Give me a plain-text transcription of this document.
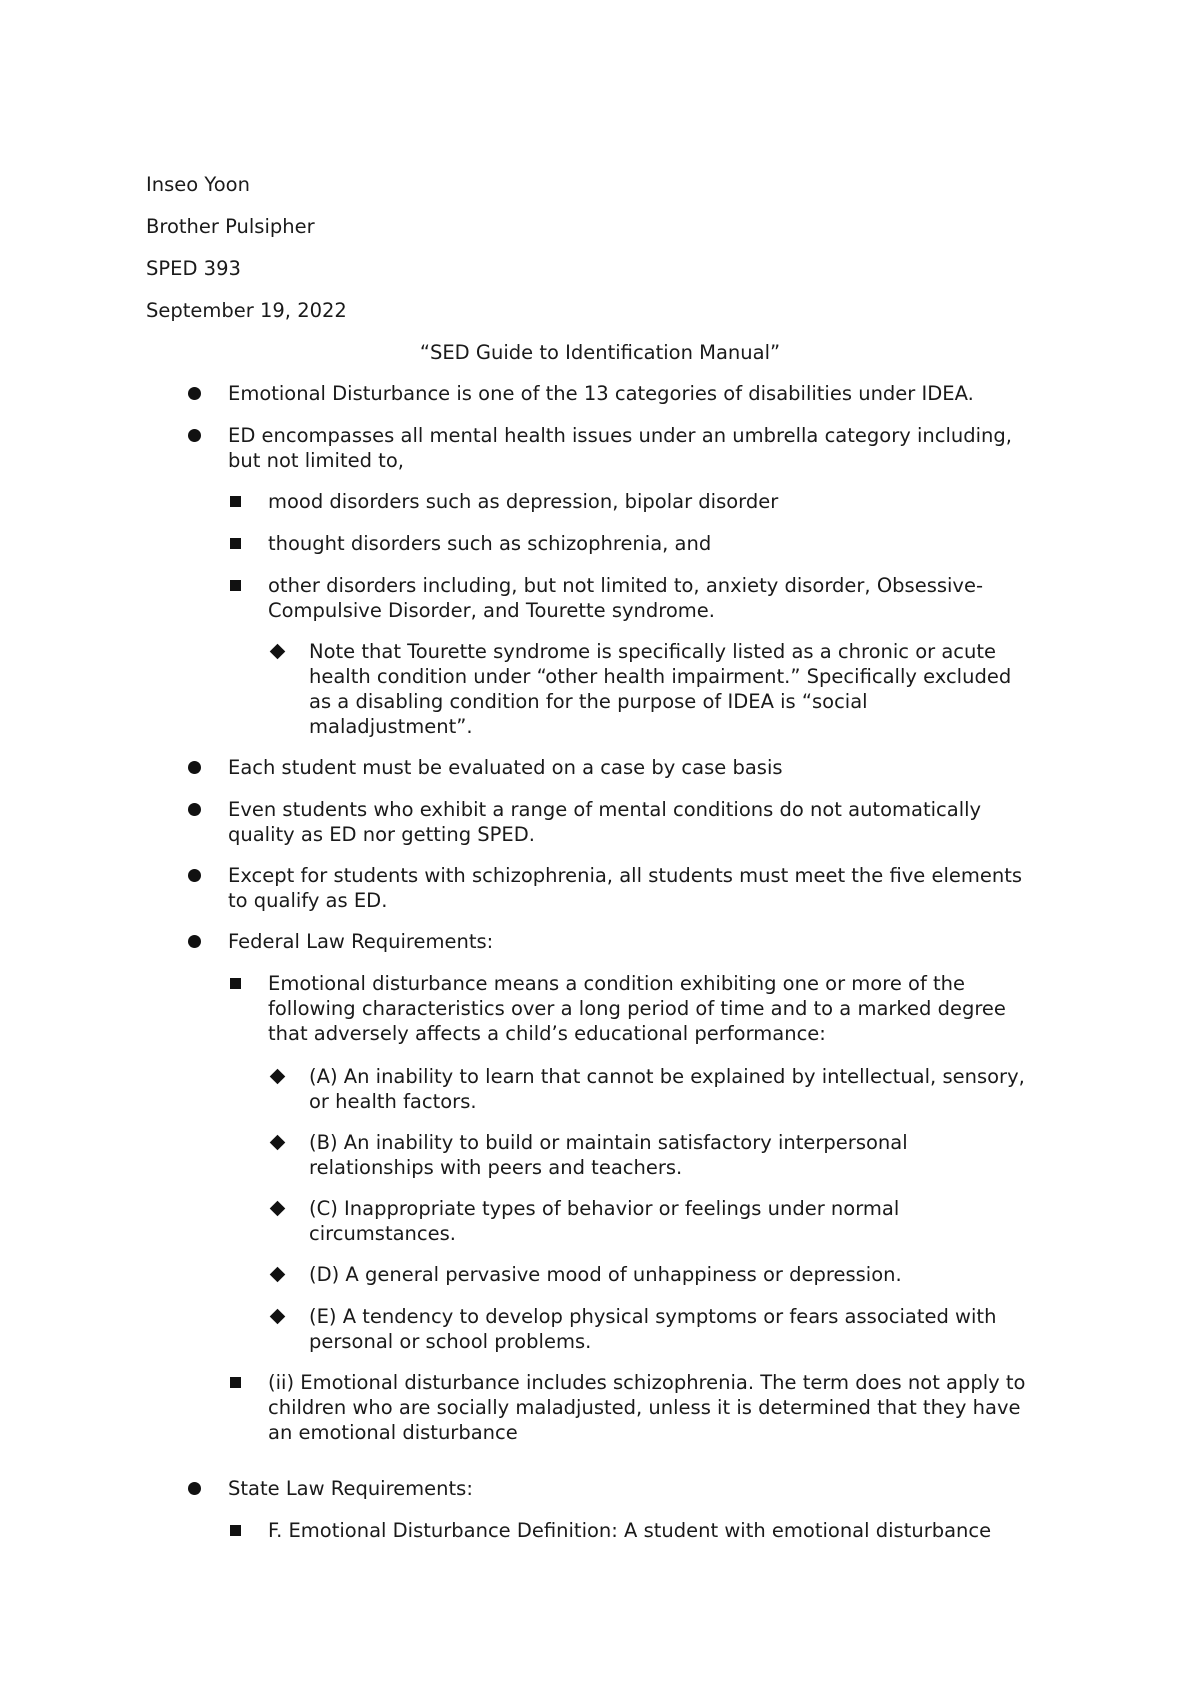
Inseo Yoon
Brother Pulsipher
SPED 393
September 19, 2022
“SED Guide to Identification Manual”
Emotional Disturbance is one of the 13 categories of disabilities under IDEA.
ED encompasses all mental health issues under an umbrella category including,
but not limited to,
mood disorders such as depression, bipolar disorder
thought disorders such as schizophrenia, and
other disorders including, but not limited to, anxiety disorder, Obsessive-
Compulsive Disorder, and Tourette syndrome.
Note that Tourette syndrome is specifically listed as a chronic or acute
health condition under “other health impairment.” Specifically excluded
as a disabling condition for the purpose of IDEA is “social
maladjustment”.
Each student must be evaluated on a case by case basis
Even students who exhibit a range of mental conditions do not automatically
quality as ED nor getting SPED.
Except for students with schizophrenia, all students must meet the five elements
to qualify as ED.
Federal Law Requirements:
Emotional disturbance means a condition exhibiting one or more of the
following characteristics over a long period of time and to a marked degree
that adversely affects a child’s educational performance:
(A) An inability to learn that cannot be explained by intellectual, sensory,
or health factors.
(B) An inability to build or maintain satisfactory interpersonal
relationships with peers and teachers.
(C) Inappropriate types of behavior or feelings under normal
circumstances.
(D) A general pervasive mood of unhappiness or depression.
(E) A tendency to develop physical symptoms or fears associated with
personal or school problems.
(ii) Emotional disturbance includes schizophrenia. The term does not apply to
children who are socially maladjusted, unless it is determined that they have
an emotional disturbance
State Law Requirements:
F. Emotional Disturbance Definition: A student with emotional disturbance
